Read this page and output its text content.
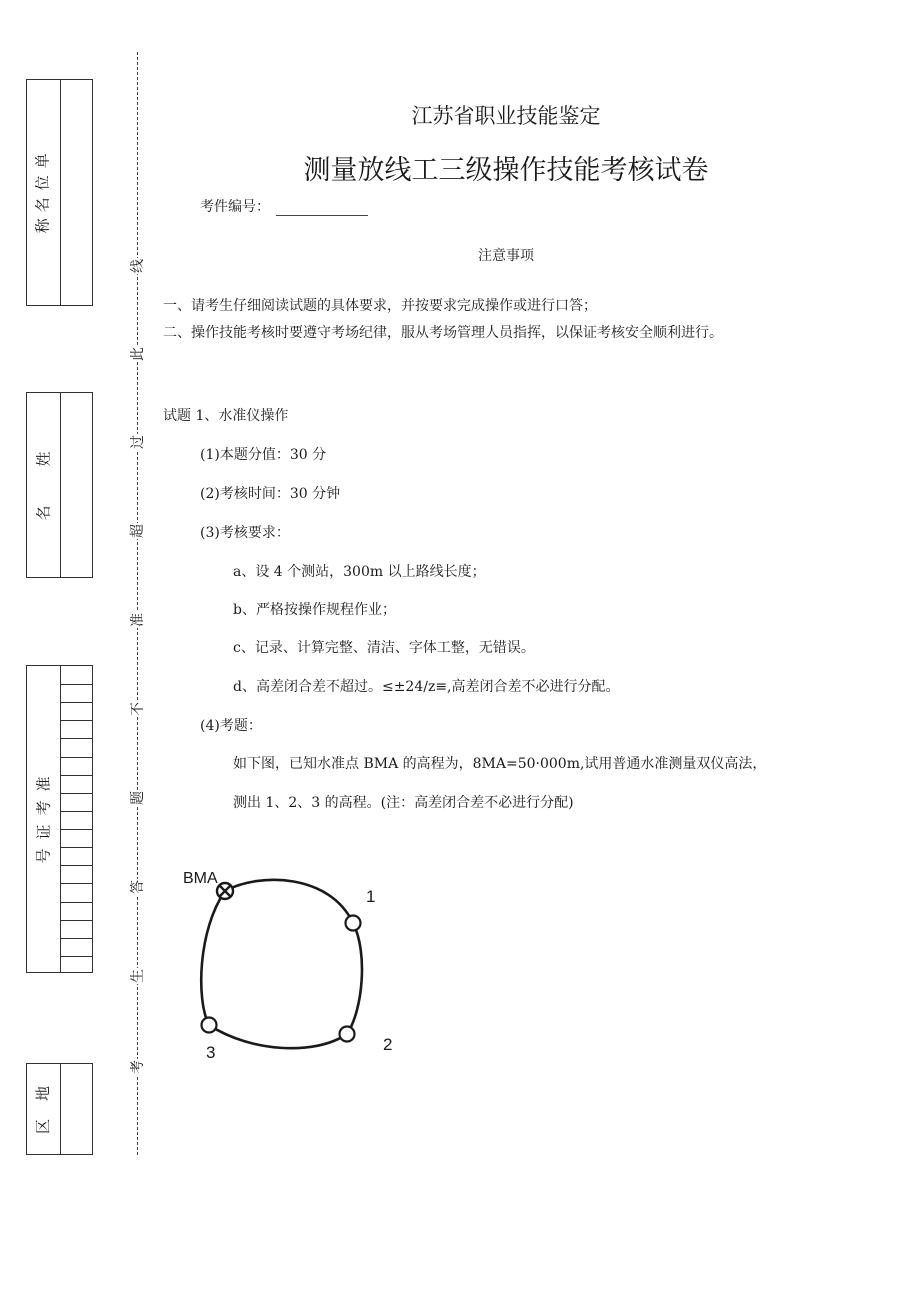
单
位
名
称
姓
名
准
考
证
号
地
区
线
此
过
超
准
不
题
答
生
考
江苏省职业技能鉴定
测量放线工三级操作技能考核试卷
考件编号：
注意事项
一、请考生仔细阅读试题的具体要求，并按要求完成操作或进行口答；
二、操作技能考核时要遵守考场纪律，服从考场管理人员指挥，以保证考核安全顺利进行。
试题 1、水准仪操作
(1)本题分值：30 分
(2)考核时间：30 分钟
(3)考核要求：
a、设 4 个测站，300m 以上路线长度；
b、严格按操作规程作业；
c、记录、计算完整、清洁、字体工整，无错误。
d、高差闭合差不超过。≤±24∕z≡,高差闭合差不必进行分配。
(4)考题：
如下图，已知水准点 BMA 的高程为，8MA=50·000m,试用普通水准测量双仪高法，
测出 1、2、3 的高程。(注：高差闭合差不必进行分配)
BMA
1
2
3
